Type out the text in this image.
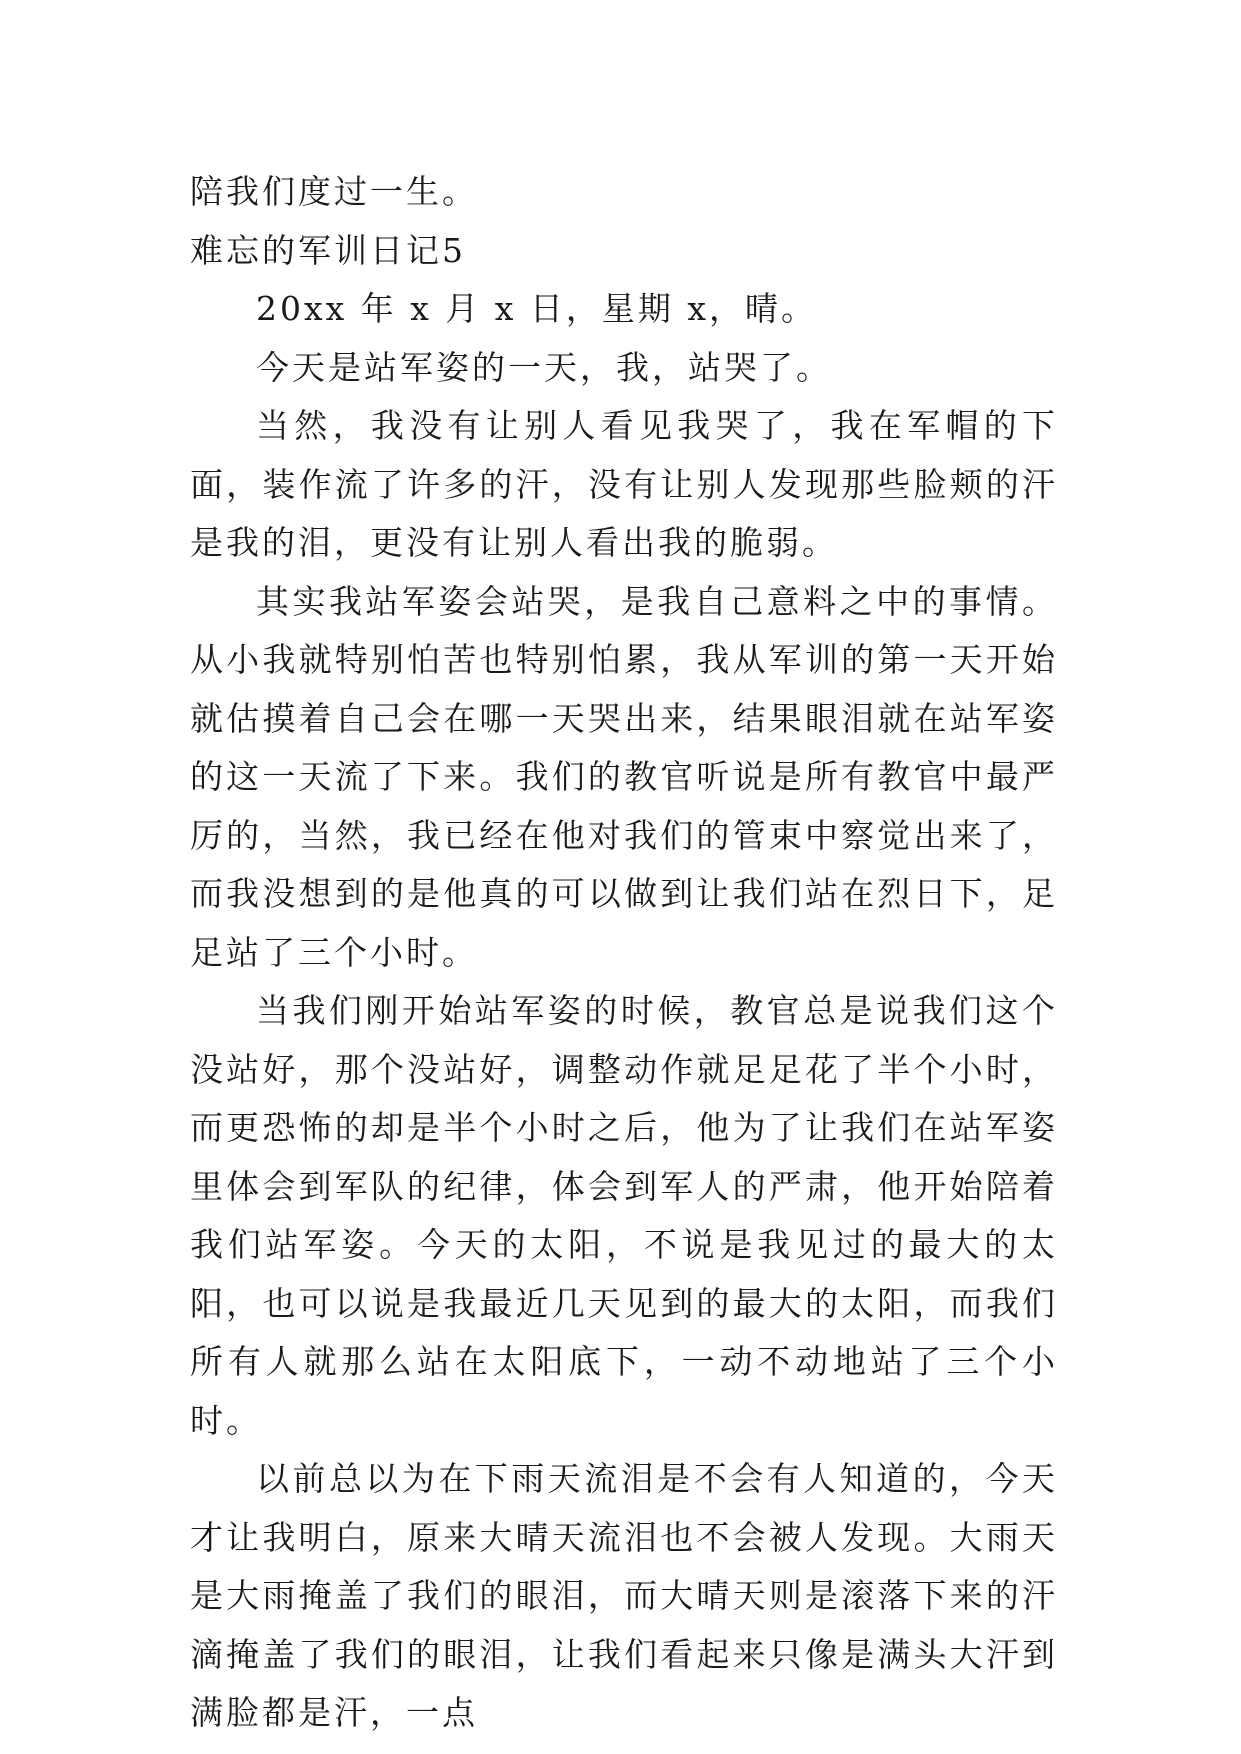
陪我们度过一生。

难忘的军训日记5

20xx 年 x 月 x 日，星期 x，晴。

今天是站军姿的一天，我，站哭了。

当然，我没有让别人看见我哭了，我在军帽的下面，装作流了许多的汗，没有让别人发现那些脸颊的汗是我的泪，更没有让别人看出我的脆弱。

其实我站军姿会站哭，是我自己意料之中的事情。从小我就特别怕苦也特别怕累，我从军训的第一天开始就估摸着自己会在哪一天哭出来，结果眼泪就在站军姿的这一天流了下来。我们的教官听说是所有教官中最严厉的，当然，我已经在他对我们的管束中察觉出来了，而我没想到的是他真的可以做到让我们站在烈日下，足足站了三个小时。

当我们刚开始站军姿的时候，教官总是说我们这个没站好，那个没站好，调整动作就足足花了半个小时，而更恐怖的却是半个小时之后，他为了让我们在站军姿里体会到军队的纪律，体会到军人的严肃，他开始陪着我们站军姿。今天的太阳，不说是我见过的最大的太阳，也可以说是我最近几天见到的最大的太阳，而我们所有人就那么站在太阳底下，一动不动地站了三个小时。

以前总以为在下雨天流泪是不会有人知道的，今天才让我明白，原来大晴天流泪也不会被人发现。大雨天是大雨掩盖了我们的眼泪，而大晴天则是滚落下来的汗滴掩盖了我们的眼泪，让我们看起来只像是满头大汗到满脸都是汗，一点
